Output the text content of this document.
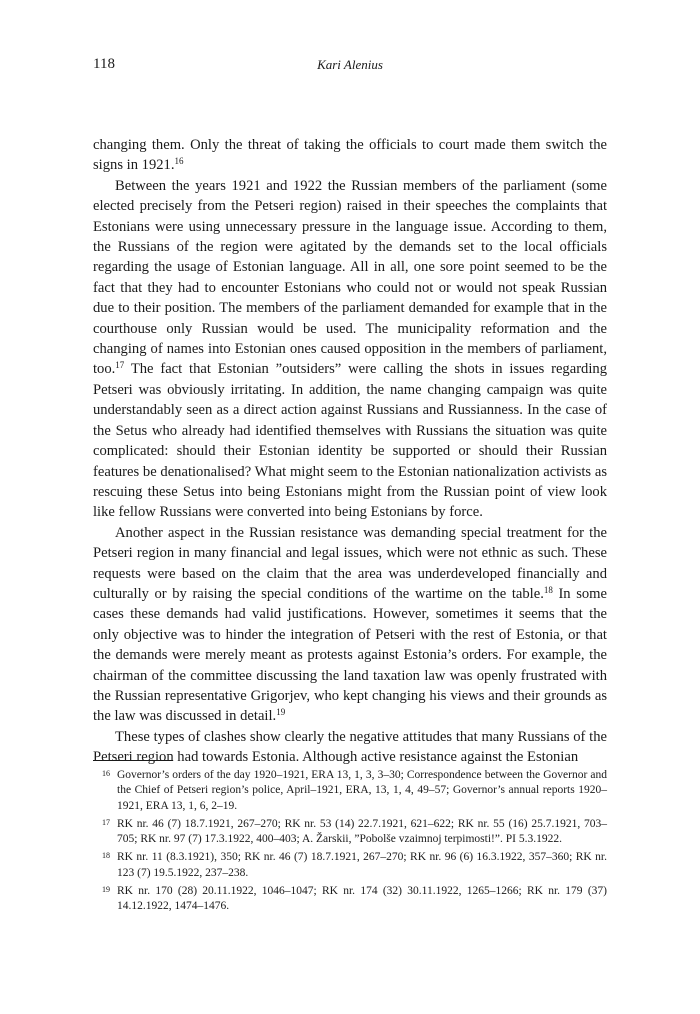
118	Kari Alenius

changing them. Only the threat of taking the officials to court made them switch the signs in 1921.16

Between the years 1921 and 1922 the Russian members of the parliament (some elected precisely from the Petseri region) raised in their speeches the complaints that Estonians were using unnecessary pressure in the language issue. According to them, the Russians of the region were agitated by the demands set to the local officials regarding the usage of Estonian language. All in all, one sore point seemed to be the fact that they had to encounter Estonians who could not or would not speak Russian due to their position. The members of the parliament demanded for example that in the courthouse only Russian would be used. The municipality reformation and the changing of names into Estonian ones caused opposition in the members of parliament, too.$^{17}$ The fact that Estonian ”outsiders” were calling the shots in issues regarding Petseri was obviously irritating. In addition, the name changing campaign was quite understandably seen as a direct action against Russians and Russianness. In the case of the Setus who already had identified themselves with Russians the situation was quite complicated: should their Estonian identity be supported or should their Russian features be denationalised? What might seem to the Estonian nationalization activists as rescuing these Setus into being Estonians might from the Russian point of view look like fellow Russians were converted into being Estonians by force.

Another aspect in the Russian resistance was demanding special treatment for the Petseri region in many financial and legal issues, which were not ethnic as such. These requests were based on the claim that the area was underdeveloped financially and culturally or by raising the special conditions of the wartime on the table.$^{18}$ In some cases these demands had valid justifications. However, sometimes it seems that the only objective was to hinder the integration of Petseri with the rest of Estonia, or that the demands were merely meant as protests against Estonia’s orders. For example, the chairman of the committee discussing the land taxation law was openly frustrated with the Russian representative Grigorjev, who kept changing his views and their grounds as the law was discussed in detail.$^{19}$

These types of clashes show clearly the negative attitudes that many Russians of the Petseri region had towards Estonia. Although active resistance against the Estonian

16 Governor’s orders of the day 1920–1921, ERA 13, 1, 3, 3–30; Correspondence between the Governor and the Chief of Petseri region’s police, April–1921, ERA, 13, 1, 4, 49–57; Governor’s annual reports 1920–1921, ERA 13, 1, 6, 2–19.
17 RK nr. 46 (7) 18.7.1921, 267–270; RK nr. 53 (14) 22.7.1921, 621–622; RK nr. 55 (16) 25.7.1921, 703–705; RK nr. 97 (7) 17.3.1922, 400–403; A. Žarskii, ”Pobolše vzaimnoj terpimosti!”. PI 5.3.1922.
18 RK nr. 11 (8.3.1921), 350; RK nr. 46 (7) 18.7.1921, 267–270; RK nr. 96 (6) 16.3.1922, 357–360; RK nr. 123 (7) 19.5.1922, 237–238.
19 RK nr. 170 (28) 20.11.1922, 1046–1047; RK nr. 174 (32) 30.11.1922, 1265–1266; RK nr. 179 (37) 14.12.1922, 1474–1476.
